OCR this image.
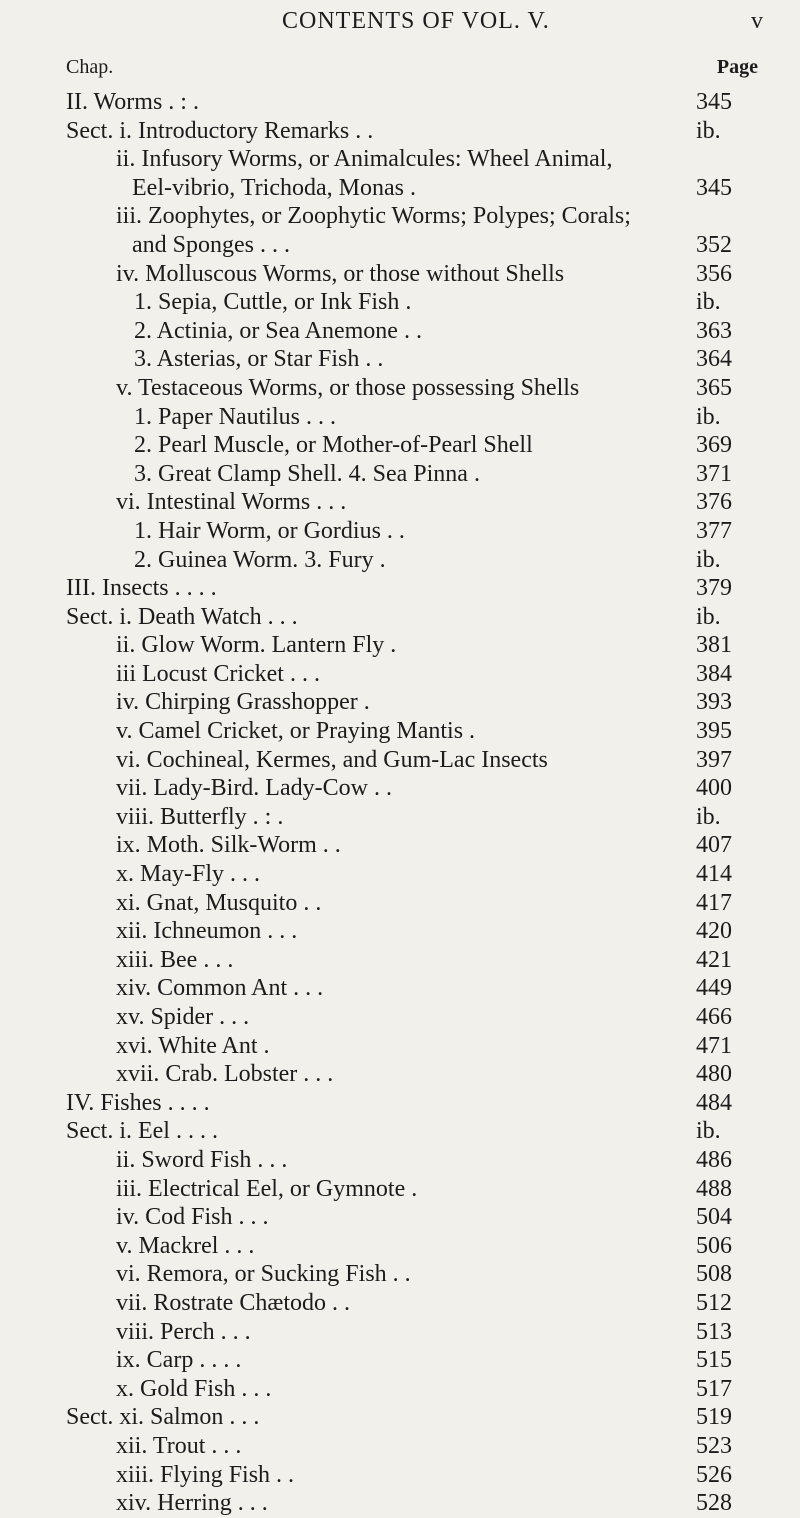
CONTENTS OF VOL. V.	v
Chap.	Page
II. Worms . : .	345
Sect. i. Introductory Remarks . .	ib.
ii. Infusory Worms, or Animalcules: Wheel Animal,
Eel-vibrio, Trichoda, Monas .	345
iii. Zoophytes, or Zoophytic Worms; Polypes; Corals;
and Sponges . . .	352
iv. Molluscous Worms, or those without Shells	356
1. Sepia, Cuttle, or Ink Fish .	ib.
2. Actinia, or Sea Anemone . .	363
3. Asterias, or Star Fish . .	364
v. Testaceous Worms, or those possessing Shells	365
1. Paper Nautilus . . .	ib.
2. Pearl Muscle, or Mother-of-Pearl Shell	369
3. Great Clamp Shell. 4. Sea Pinna .	371
vi. Intestinal Worms . . .	376
1. Hair Worm, or Gordius . .	377
2. Guinea Worm. 3. Fury .	ib.
III. Insects . . . .	379
Sect. i. Death Watch . . .	ib.
ii. Glow Worm. Lantern Fly .	381
iii Locust Cricket . . .	384
iv. Chirping Grasshopper .	393
v. Camel Cricket, or Praying Mantis .	395
vi. Cochineal, Kermes, and Gum-Lac Insects	397
vii. Lady-Bird. Lady-Cow . .	400
viii. Butterfly . : .	ib.
ix. Moth. Silk-Worm . .	407
x. May-Fly . . .	414
xi. Gnat, Musquito . .	417
xii. Ichneumon . . .	420
xiii. Bee . . .	421
xiv. Common Ant . . .	449
xv. Spider . . .	466
xvi. White Ant .	471
xvii. Crab. Lobster . . .	480
IV. Fishes . . . .	484
Sect. i. Eel . . . .	ib.
ii. Sword Fish . . .	486
iii. Electrical Eel, or Gymnote .	488
iv. Cod Fish . . .	504
v. Mackrel . . .	506
vi. Remora, or Sucking Fish . .	508
vii. Rostrate Chætodo . .	512
viii. Perch . . .	513
ix. Carp . . . .	515
x. Gold Fish . . .	517
Sect. xi. Salmon . . .	519
xii. Trout . . .	523
xiii. Flying Fish . .	526
xiv. Herring . . .	528
